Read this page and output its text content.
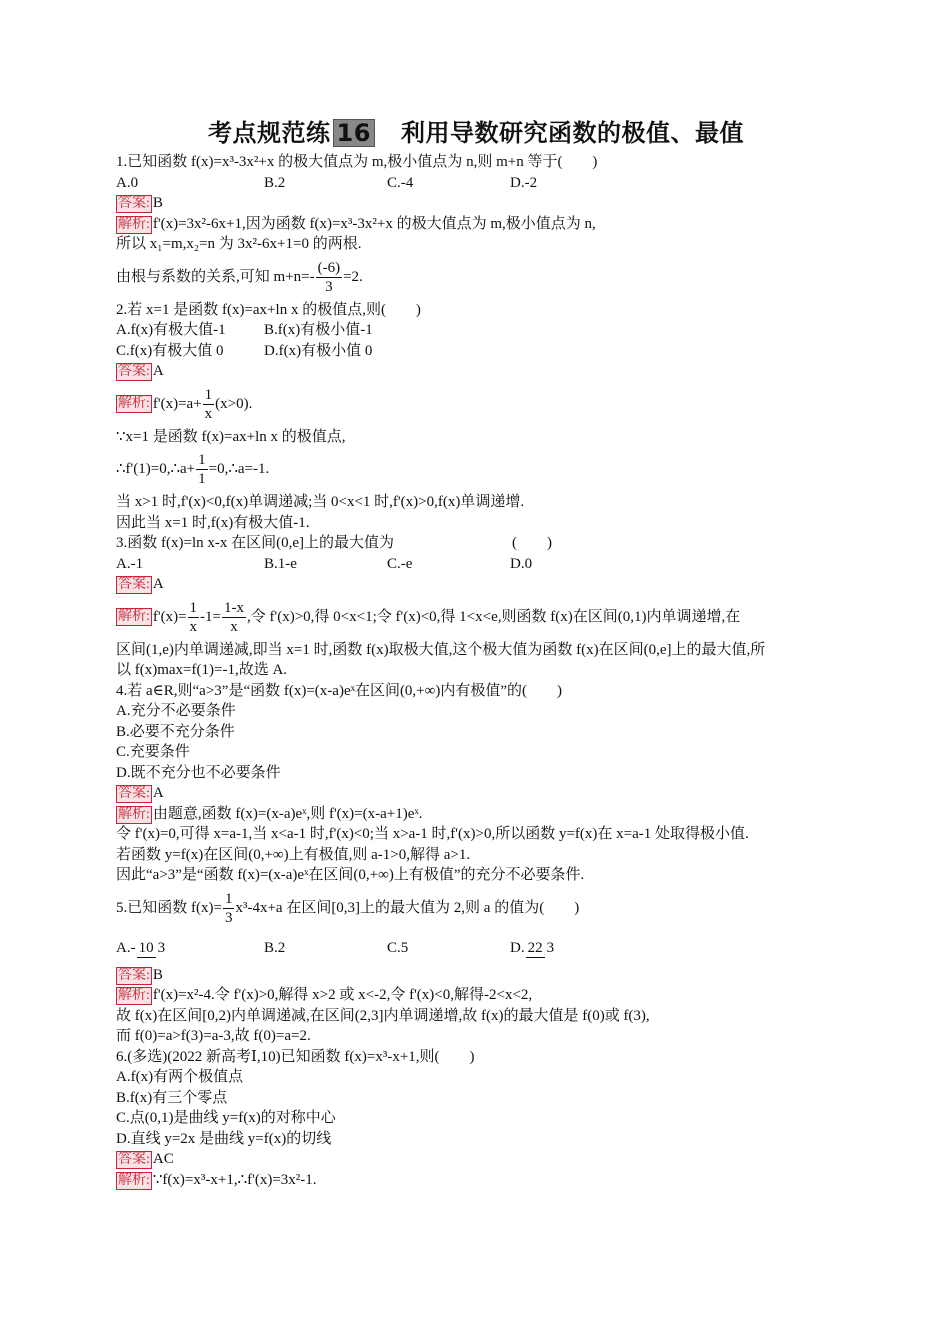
考点规范练 16 利用导数研究函数的极值、最值
1.已知函数 f(x)=x³-3x²+x 的极大值点为 m,极小值点为 n,则 m+n 等于(　　)
A.0	B.2	C.-4	D.-2
答案: B
解析: f'(x)=3x²-6x+1,因为函数 f(x)=x³-3x²+x 的极大值点为 m,极小值点为 n,
所以 x₁=m,x₂=n 为 3x²-6x+1=0 的两根.
由根与系数的关系,可知 $m+n=- \frac{(-6)}{3} =2$.
2.若 x=1 是函数 f(x)=ax+ln x 的极值点,则(　　)
A.f(x)有极大值-1	B.f(x)有极小值-1
C.f(x)有极大值 0	D.f(x)有极小值 0
答案: A
解析: $f'(x)=a+ \frac{1}{x} (x>0)$.
∵x=1 是函数 f(x)=ax+ln x 的极值点,
∴f'(1)=0,∴a+ $\frac{1}{1}$ =0,∴a=-1.
当 x>1 时,f'(x)<0,f(x)单调递减;当 0<x<1 时,f'(x)>0,f(x)单调递增.
因此当 x=1 时,f(x)有极大值-1.
3.函数 f(x)=ln x-x 在区间(0,e]上的最大值为	(　　)
A.-1	B.1-e	C.-e	D.0
答案: A
解析: $f'(x)= \frac{1}{x} -1= \frac{1-x}{x}$ ,令 f'(x)>0,得 0<x<1;令 f'(x)<0,得 1<x<e,则函数 f(x)在区间(0,1)内单调递增,在
区间(1,e)内单调递减,即当 x=1 时,函数 f(x)取极大值,这个极大值为函数 f(x)在区间(0,e]上的最大值,所
以 f(x)max=f(1)=-1,故选 A.
4.若 a∈R,则“a>3”是“函数 f(x)=(x-a)eˣ在区间(0,+∞)内有极值”的(　　)
A.充分不必要条件
B.必要不充分条件
C.充要条件
D.既不充分也不必要条件
答案: A
解析: 由题意,函数 f(x)=(x-a)eˣ,则 f'(x)=(x-a+1)eˣ.
令 f'(x)=0,可得 x=a-1,当 x<a-1 时,f'(x)<0;当 x>a-1 时,f'(x)>0,所以函数 y=f(x)在 x=a-1 处取得极小值.
若函数 y=f(x)在区间(0,+∞)上有极值,则 a-1>0,解得 a>1.
因此“a>3”是“函数 f(x)=(x-a)eˣ在区间(0,+∞)上有极值”的充分不必要条件.
5.已知函数 $f(x)= \frac{1}{3} x^3-4x+a$ 在区间[0,3]上的最大值为 2,则 a 的值为(　　)
A.- 10 3	B.2	C.5	D. 22 3
答案: B
解析: f'(x)=x²-4.令 f'(x)>0,解得 x>2 或 x<-2,令 f'(x)<0,解得-2<x<2,
故 f(x)在区间[0,2)内单调递减,在区间(2,3]内单调递增,故 f(x)的最大值是 f(0)或 f(3),
而 f(0)=a>f(3)=a-3,故 f(0)=a=2.
6.(多选)(2022 新高考Ⅰ,10)已知函数 f(x)=x³-x+1,则(　　)
A.f(x)有两个极值点
B.f(x)有三个零点
C.点(0,1)是曲线 y=f(x)的对称中心
D.直线 y=2x 是曲线 y=f(x)的切线
答案: AC
解析: ∵f(x)=x³-x+1,∴f'(x)=3x²-1.
